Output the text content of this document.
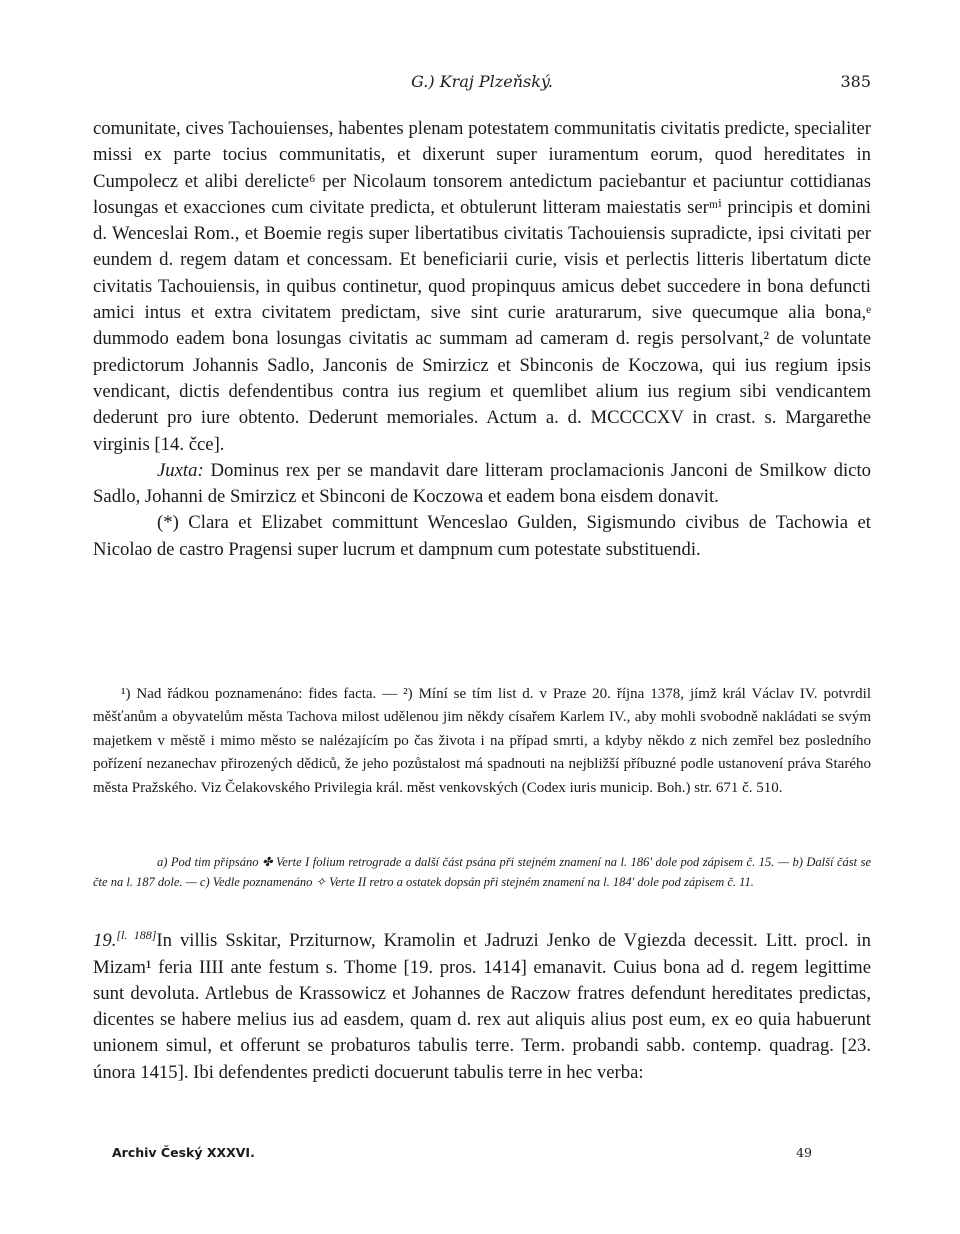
G.) Kraj Plzeňský.	385

comunitate, cives Tachouienses, habentes plenam potestatem communitatis civitatis predicte, specialiter missi ex parte tocius communitatis, et dixerunt super iuramentum eorum, quod hereditates in Cumpolecz et alibi derelicte⁶ per Nicolaum tonsorem antedictum paciebantur et paciuntur cottidianas losungas et exacciones cum civitate predicta, et obtulerunt litteram maiestatis serᵐⁱ principis et domini d. Wenceslai Rom., et Boemie regis super libertatibus civitatis Tachouiensis supradicte, ipsi civitati per eundem d. regem datam et concessam. Et beneficiarii curie, visis et perlectis litteris libertatum dicte civitatis Tachouiensis, in quibus continetur, quod propinquus amicus debet succedere in bona defuncti amici intus et extra civitatem predictam, sive sint curie araturarum, sive quecumque alia bona,ᵉ dummodo eadem bona losungas civitatis ac summam ad cameram d. regis persolvant,² de voluntate predictorum Johannis Sadlo, Janconis de Smirzicz et Sbinconis de Koczowa, qui ius regium ipsis vendicant, dictis defendentibus contra ius regium et quemlibet alium ius regium sibi vendicantem dederunt pro iure obtento. Dederunt memoriales. Actum a. d. MCCCCXV in crast. s. Margarethe virginis [14. čce].

Juxta: Dominus rex per se mandavit dare litteram proclamacionis Janconi de Smilkow dicto Sadlo, Johanni de Smirzicz et Sbinconi de Koczowa et eadem bona eisdem donavit.

(*) Clara et Elizabet committunt Wenceslao Gulden, Sigismundo civibus de Tachowia et Nicolao de castro Pragensi super lucrum et dampnum cum potestate substituendi.

¹) Nad řádkou poznamenáno: fides facta. — ²) Míní se tím list d. v Praze 20. října 1378, jímž král Václav IV. potvrdil měšťanům a obyvatelům města Tachova milost udělenou jim někdy císařem Karlem IV., aby mohli svobodně nakládati se svým majetkem v městě i mimo město se nalézajícím po čas života i na případ smrti, a kdyby někdo z nich zemřel bez posledního pořízení nezanechav přirozených dědiců, že jeho pozůstalost má spadnouti na nejbližší příbuzné podle ustanovení práva Starého města Pražského. Viz Čelakovského Privilegia král. měst venkovských (Codex iuris municip. Boh.) str. 671 č. 510.

a) Pod tim připsáno ✤ Verte I folium retrograde a další část psána při stejném znamení na l. 186' dole pod zápisem č. 15. — b) Další část se čte na l. 187 dole. — c) Vedle poznamenáno ✧ Verte II retro a ostatek dopsán při stejném znamení na l. 184' dole pod zápisem č. 11.

19.[l. 188]In villis Sskitar, Prziturnow, Kramolin et Jadruzi Jenko de Vgiezda decessit. Litt. procl. in Mizam¹ feria IIII ante festum s. Thome [19. pros. 1414] emanavit. Cuius bona ad d. regem legittime sunt devoluta. Artlebus de Krassowicz et Johannes de Raczow fratres defendunt hereditates predictas, dicentes se habere melius ius ad easdem, quam d. rex aut aliquis alius post eum, ex eo quia habuerunt unionem simul, et offerunt se probaturos tabulis terre. Term. probandi sabb. contemp. quadrag. [23. února 1415]. Ibi defendentes predicti docuerunt tabulis terre in hec verba:

Archiv Český XXXVI.	49
